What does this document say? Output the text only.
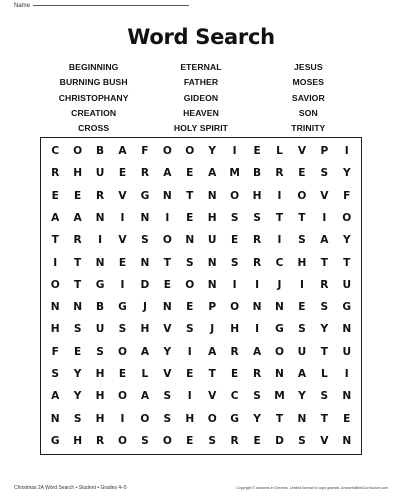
Name
Word Search
BEGINNING	ETERNAL	JESUS
BURNING BUSH	FATHER	MOSES
CHRISTOPHANY	GIDEON	SAVIOR
CREATION	HEAVEN	SON
CROSS	HOLY SPIRIT	TRINITY
C O B A F O O Y I E L V P I
R H U E R A E A M B R E S Y
E E R V G N T N O H I O V F
A A N I N I E H S S T T I O
T R I V S O N U E R I S A Y
I T N E N T S N S R C H T T
O T G I D E O N I I J I R U
N N B G J N E P O N N E S G
H S U S H V S J H I G S Y N
F E S O A Y I A R A O U T U
S Y H E L V E T E R N A L I
A Y H O A S I V C S M Y S N
N S H I O S H O G Y T N T E
G H R O S O E S R E D S V N
Christmas 2A Word Search • Student • Grades 4–5	Copyright © Answers in Genesis. Limited license to copy granted. AnswersBibleCurriculum.com
